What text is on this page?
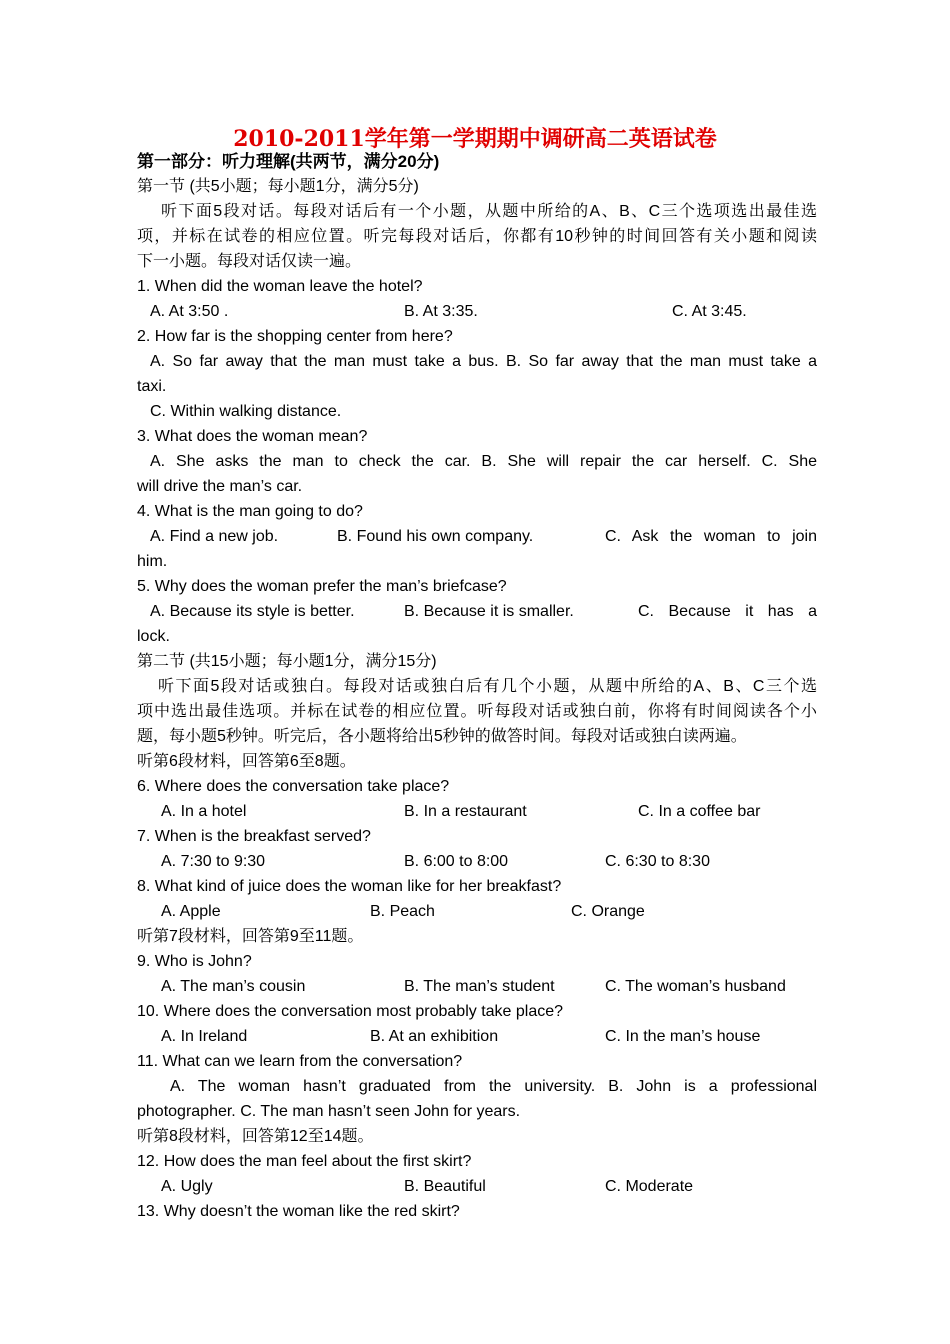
2010-2011学年第一学期期中调研高二英语试卷
第一部分：听力理解(共两节，满分20分)
第一节 (共5小题；每小题1分，满分5分)
听下面5段对话。每段对话后有一个小题，从题中所给的A、B、C三个选项选出最佳选
项，并标在试卷的相应位置。听完每段对话后，你都有10秒钟的时间回答有关小题和阅读
下一小题。每段对话仅读一遍。
1. When did the woman leave the hotel?
A. At 3:50 .	B. At 3:35.	C. At 3:45.
2. How far is the shopping center from here?
A. So far away that the man must take a bus. B. So far away that the man must take a
taxi.
C. Within walking distance.
3. What does the woman mean?
A. She asks the man to check the car. B. She will repair the car herself. C. She
will drive the man’s car.
4. What is the man going to do?
A. Find a new job.	B. Found his own company.	C. Ask the woman to join
him.
5. Why does the woman prefer the man’s briefcase?
A. Because its style is better.	B. Because it is smaller.	C. Because it has a
lock.
第二节 (共15小题；每小题1分，满分15分)
听下面5段对话或独白。每段对话或独白后有几个小题，从题中所给的A、B、C三个选
项中选出最佳选项。并标在试卷的相应位置。听每段对话或独白前，你将有时间阅读各个小
题，每小题5秒钟。听完后，各小题将给出5秒钟的做答时间。每段对话或独白读两遍。
听第6段材料，回答第6至8题。
6. Where does the conversation take place?
A. In a hotel	B. In a restaurant	C. In a coffee bar
7. When is the breakfast served?
A. 7:30 to 9:30	B. 6:00 to 8:00	C. 6:30 to 8:30
8. What kind of juice does the woman like for her breakfast?
A. Apple	B. Peach	C. Orange
听第7段材料，回答第9至11题。
9. Who is John?
A. The man’s cousin	B. The man’s student	C. The woman’s husband
10. Where does the conversation most probably take place?
A. In Ireland	B. At an exhibition	C. In the man’s house
11. What can we learn from the conversation?
A. The woman hasn’t graduated from the university. B. John is a professional
photographer. C. The man hasn’t seen John for years.
听第8段材料，回答第12至14题。
12. How does the man feel about the first skirt?
A. Ugly	B. Beautiful	C. Moderate
13. Why doesn’t the woman like the red skirt?
